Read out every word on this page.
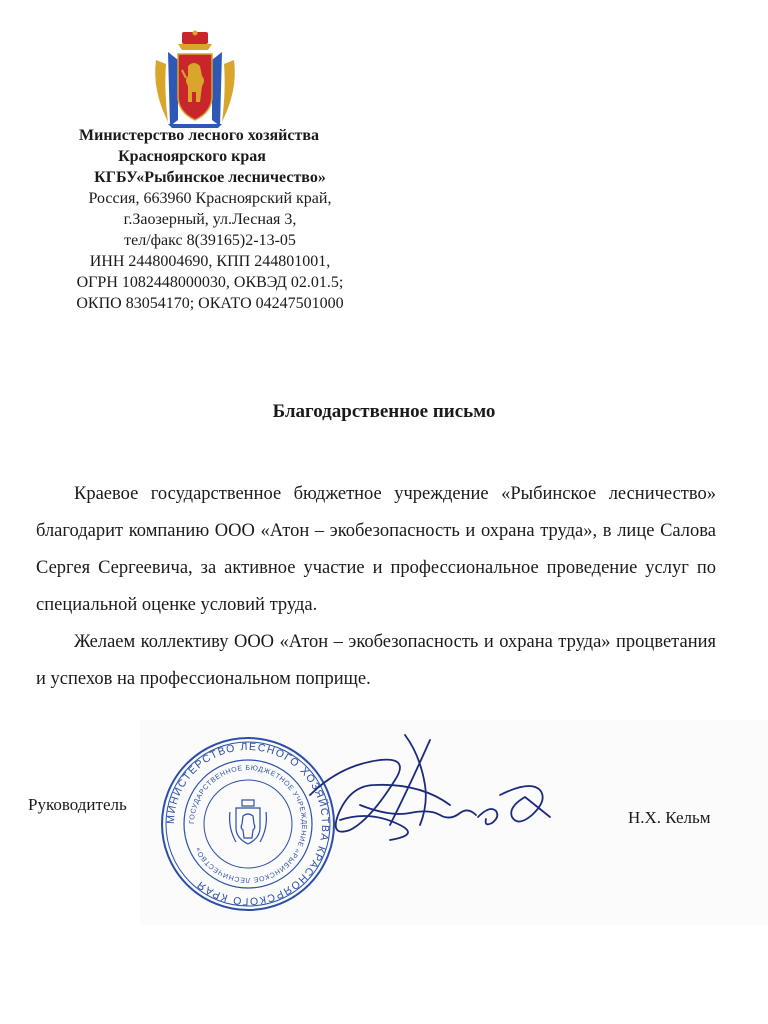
Министерство лесного хозяйства
Красноярского края
КГБУ«Рыбинское лесничество»
Россия, 663960 Красноярский край,
г.Заозерный, ул.Лесная 3,
тел/факс 8(39165)2-13-05
ИНН 2448004690, КПП 244801001,
ОГРН 1082448000030, ОКВЭД 02.01.5;
ОКПО 83054170; ОКАТО 04247501000
Благодарственное письмо

Краевое государственное бюджетное учреждение «Рыбинское лесничество» благодарит компанию ООО «Атон – экобезопасность и охрана труда», в лице Салова Сергея Сергеевича, за активное участие и профессиональное проведение услуг по специальной оценке условий труда.

Желаем коллективу ООО «Атон – экобезопасность и охрана труда» процветания и успехов на профессиональном поприще.

МИНИСТЕРСТВО ЛЕСНОГО ХОЗЯЙСТВА КРАСНОЯРСКОГО КРАЯ
ГОСУДАРСТВЕННОЕ БЮДЖЕТНОЕ УЧРЕЖДЕНИЕ «РЫБИНСКОЕ ЛЕСНИЧЕСТВО»
Руководитель
Н.Х. Кельм
